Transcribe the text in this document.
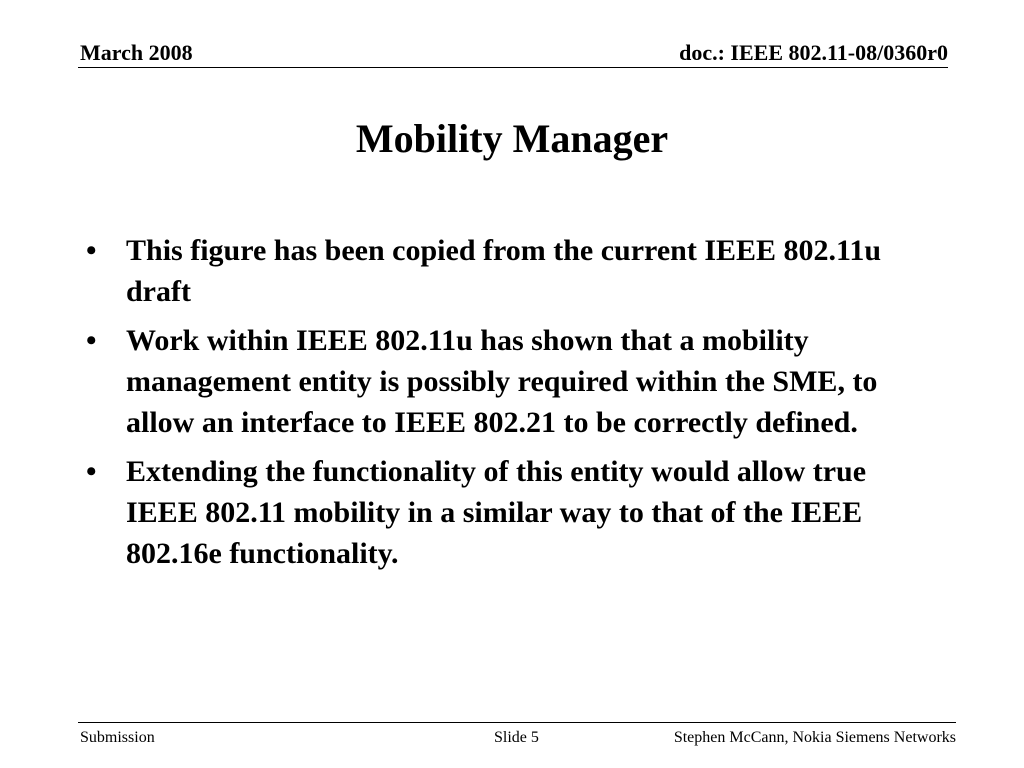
March 2008	doc.: IEEE 802.11-08/0360r0
Mobility Manager
• This figure has been copied from the current IEEE 802.11u draft
• Work within IEEE 802.11u has shown that a mobility management entity is possibly required within the SME, to allow an interface to IEEE 802.21 to be correctly defined.
• Extending the functionality of this entity would allow true IEEE 802.11 mobility in a similar way to that of the IEEE 802.16e functionality.
Submission	Slide 5	Stephen McCann, Nokia Siemens Networks
